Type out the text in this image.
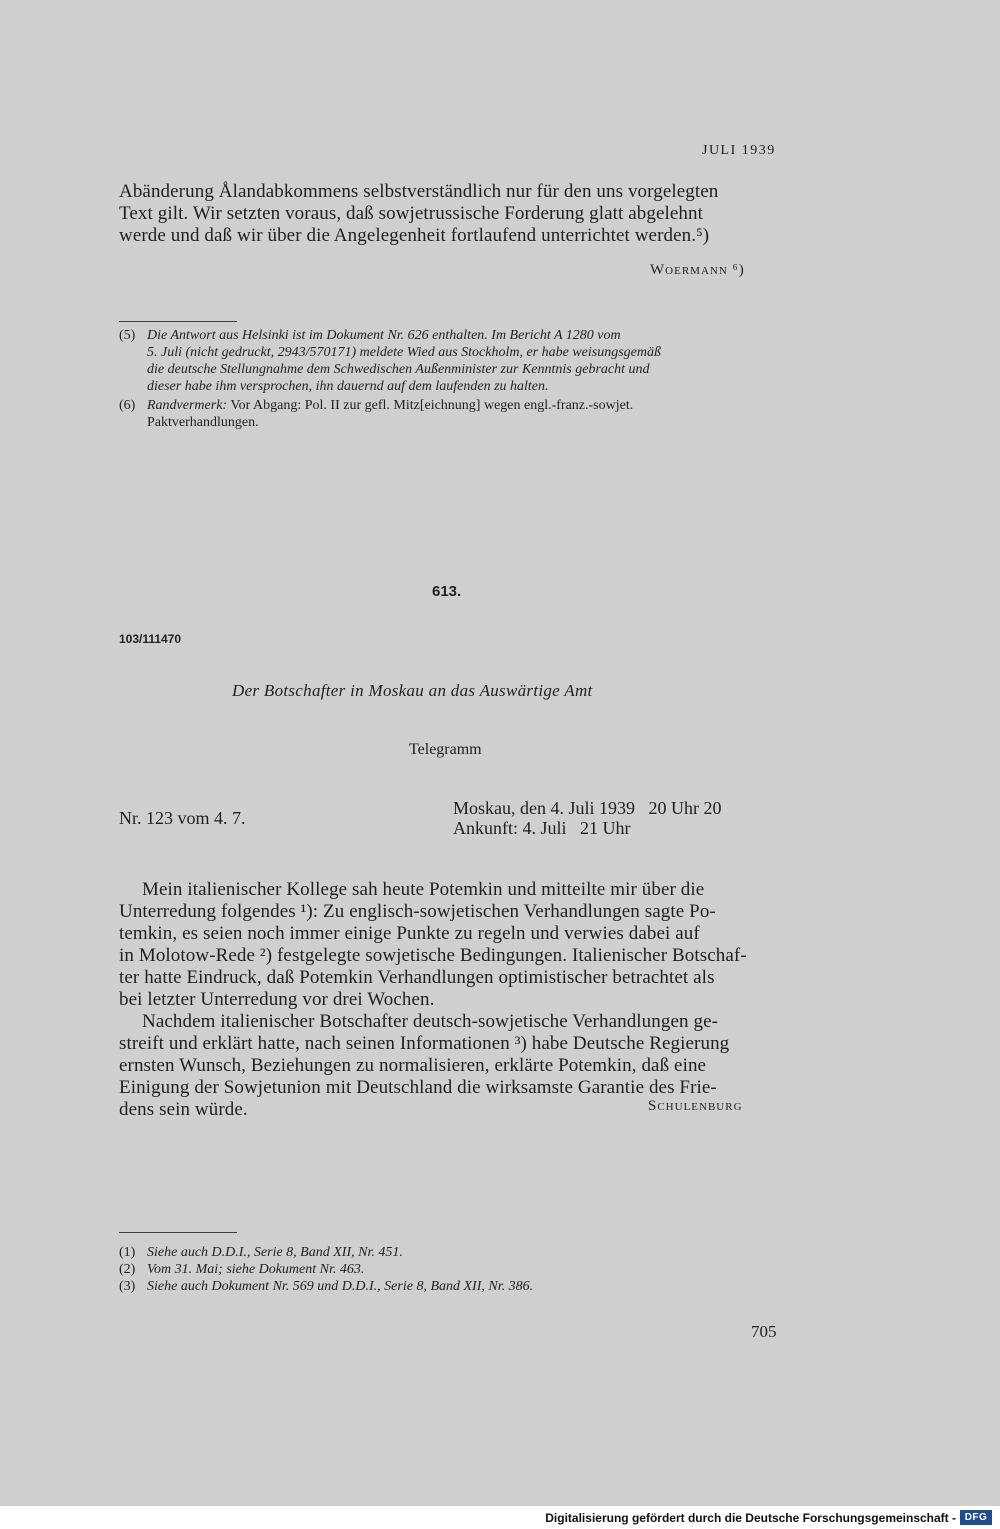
JULI 1939
Abänderung Ålandabkommens selbstverständlich nur für den uns vorgelegten
Text gilt. Wir setzten voraus, daß sowjetrussische Forderung glatt abgelehnt
werde und daß wir über die Angelegenheit fortlaufend unterrichtet werden.⁵)
Woermann ⁶)
(5) Die Antwort aus Helsinki ist im Dokument Nr. 626 enthalten. Im Bericht A 1280 vom
5. Juli (nicht gedruckt, 2943/570171) meldete Wied aus Stockholm, er habe weisungsgemäß
die deutsche Stellungnahme dem Schwedischen Außenminister zur Kenntnis gebracht und
dieser habe ihm versprochen, ihn dauernd auf dem laufenden zu halten.
(6) Randvermerk: Vor Abgang: Pol. II zur gefl. Mitz[eichnung] wegen engl.-franz.-sowjet.
Paktverhandlungen.
613.
103/111470
Der Botschafter in Moskau an das Auswärtige Amt
Telegramm
Nr. 123 vom 4. 7.	Moskau, den 4. Juli 1939   20 Uhr 20
Ankunft: 4. Juli   21 Uhr
Mein italienischer Kollege sah heute Potemkin und mitteilte mir über die
Unterredung folgendes ¹): Zu englisch-sowjetischen Verhandlungen sagte Po-
temkin, es seien noch immer einige Punkte zu regeln und verwies dabei auf
in Molotow-Rede ²) festgelegte sowjetische Bedingungen. Italienischer Botschaf-
ter hatte Eindruck, daß Potemkin Verhandlungen optimistischer betrachtet als
bei letzter Unterredung vor drei Wochen.
Nachdem italienischer Botschafter deutsch-sowjetische Verhandlungen ge-
streift und erklärt hatte, nach seinen Informationen ³) habe Deutsche Regierung
ernsten Wunsch, Beziehungen zu normalisieren, erklärte Potemkin, daß eine
Einigung der Sowjetunion mit Deutschland die wirksamste Garantie des Frie-
dens sein würde.	Schulenburg
(1) Siehe auch D.D.I., Serie 8, Band XII, Nr. 451.
(2) Vom 31. Mai; siehe Dokument Nr. 463.
(3) Siehe auch Dokument Nr. 569 und D.D.I., Serie 8, Band XII, Nr. 386.
705
Digitalisierung gefördert durch die Deutsche Forschungsgemeinschaft - DFG
